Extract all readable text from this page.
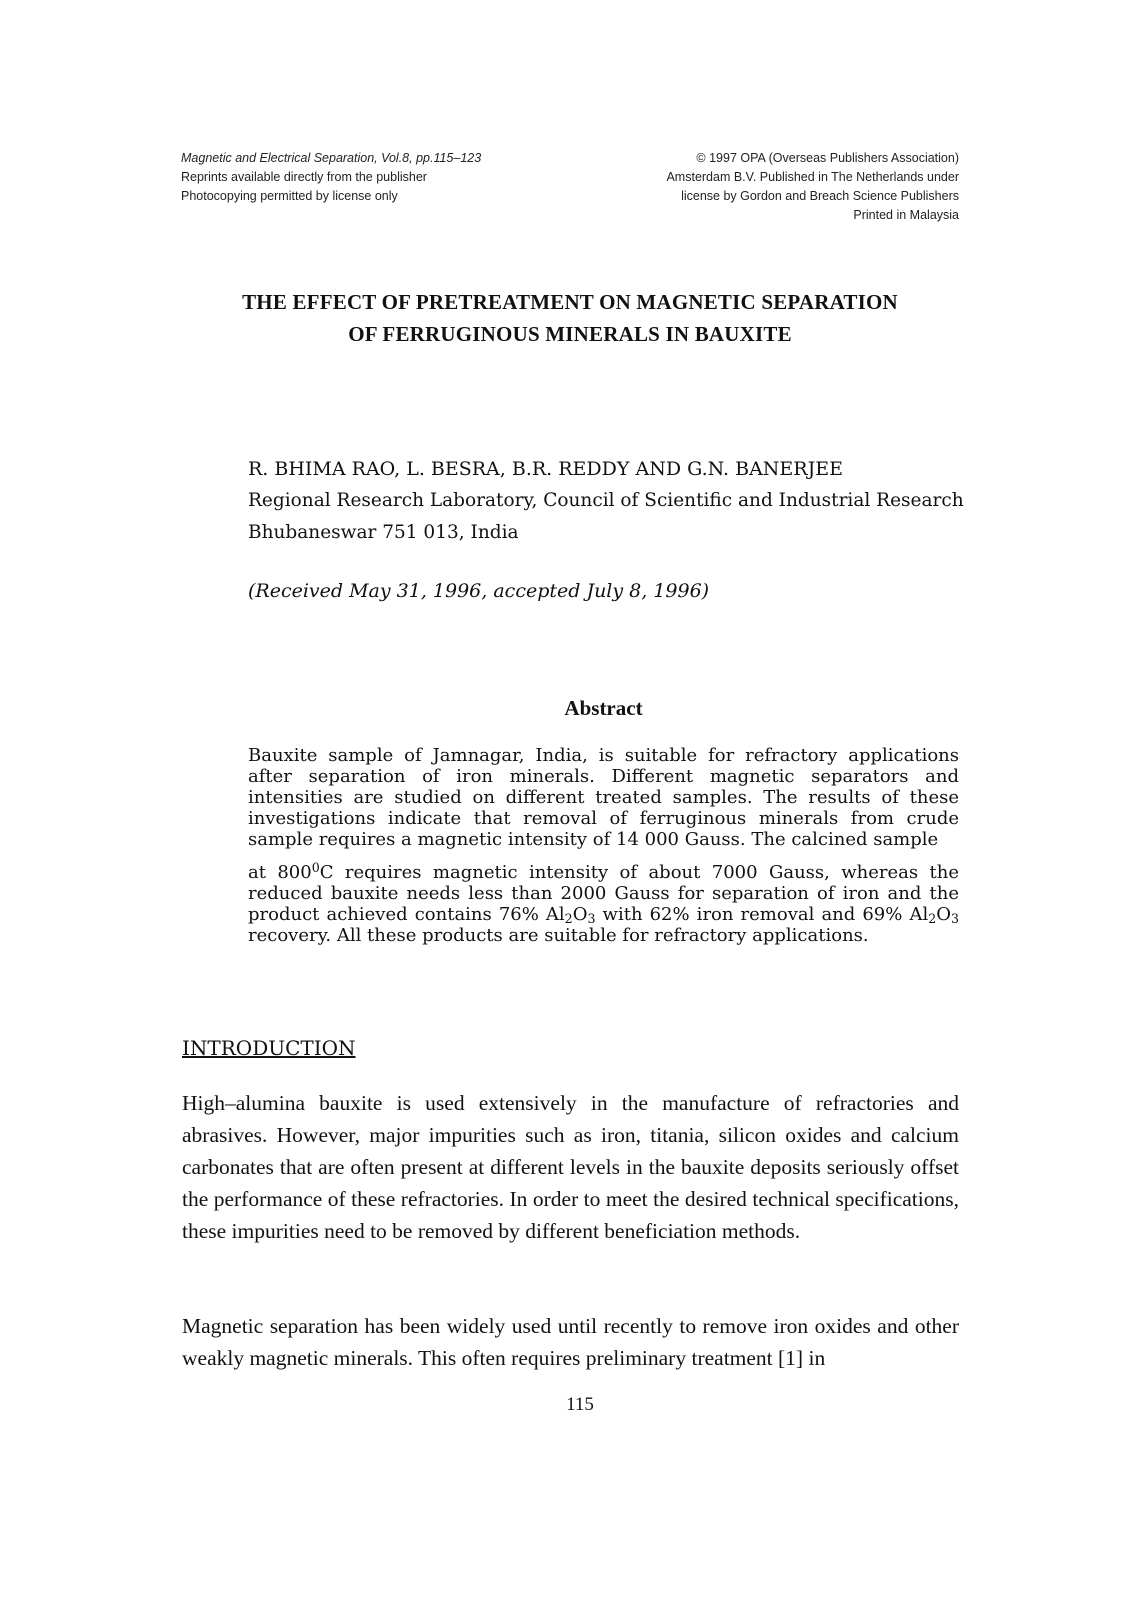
Magnetic and Electrical Separation, Vol.8, pp.115–123
Reprints available directly from the publisher
Photocopying permitted by license only
© 1997 OPA (Overseas Publishers Association)
Amsterdam B.V. Published in The Netherlands under
license by Gordon and Breach Science Publishers
Printed in Malaysia
THE EFFECT OF PRETREATMENT ON MAGNETIC SEPARATION
OF FERRUGINOUS MINERALS IN BAUXITE
R. BHIMA RAO, L. BESRA, B.R. REDDY AND G.N. BANERJEE
Regional Research Laboratory, Council of Scientific and Industrial Research
Bhubaneswar 751 013, India
(Received May 31, 1996, accepted July 8, 1996)
Abstract

Bauxite sample of Jamnagar, India, is suitable for refractory applications after separation of iron minerals. Different magnetic separators and intensities are studied on different treated samples. The results of these investigations indicate that removal of ferruginous minerals from crude sample requires a magnetic intensity of 14 000 Gauss. The calcined sample

at $800^0C$ requires magnetic intensity of about 7000 Gauss, whereas the reduced bauxite needs less than 2000 Gauss for separation of iron and the product achieved contains 76% $Al_2O_3$ with 62% iron removal and 69% $Al_2O_3$ recovery. All these products are suitable for refractory applications.

INTRODUCTION

High–alumina bauxite is used extensively in the manufacture of refractories and abrasives. However, major impurities such as iron, titania, silicon oxides and calcium carbonates that are often present at different levels in the bauxite deposits seriously offset the performance of these refractories. In order to meet the desired technical specifications, these impurities need to be removed by different beneficiation methods.

Magnetic separation has been widely used until recently to remove iron oxides and other weakly magnetic minerals. This often requires preliminary treatment [1] in

115
